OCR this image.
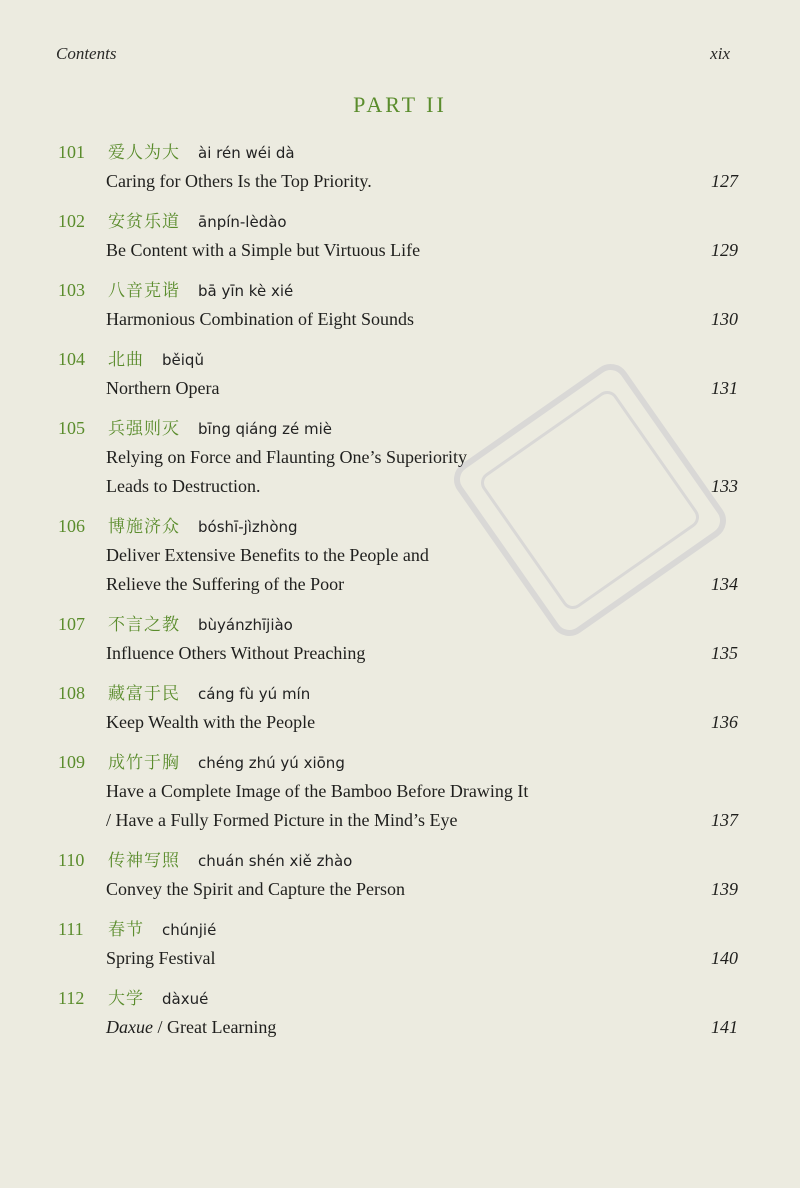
Contents	xix
PART II
101	爱人为大 ài rén wéi dà
Caring for Others Is the Top Priority.	127
102	安贫乐道 ānpín-lèdào
Be Content with a Simple but Virtuous Life	129
103	八音克谐 bā yīn kè xié
Harmonious Combination of Eight Sounds	130
104	北曲 běiqǔ
Northern Opera	131
105	兵强则灭 bīng qiáng zé miè
Relying on Force and Flaunting One’s Superiority
Leads to Destruction.	133
106	博施济众 bóshī-jìzhòng
Deliver Extensive Benefits to the People and
Relieve the Suffering of the Poor	134
107	不言之教 bùyánzhījiào
Influence Others Without Preaching	135
108	藏富于民 cáng fù yú mín
Keep Wealth with the People	136
109	成竹于胸 chéng zhú yú xiōng
Have a Complete Image of the Bamboo Before Drawing It
/ Have a Fully Formed Picture in the Mind’s Eye	137
110	传神写照 chuán shén xiě zhào
Convey the Spirit and Capture the Person	139
111	春节 chúnjié
Spring Festival	140
112	大学 dàxué
Daxue / Great Learning	141
